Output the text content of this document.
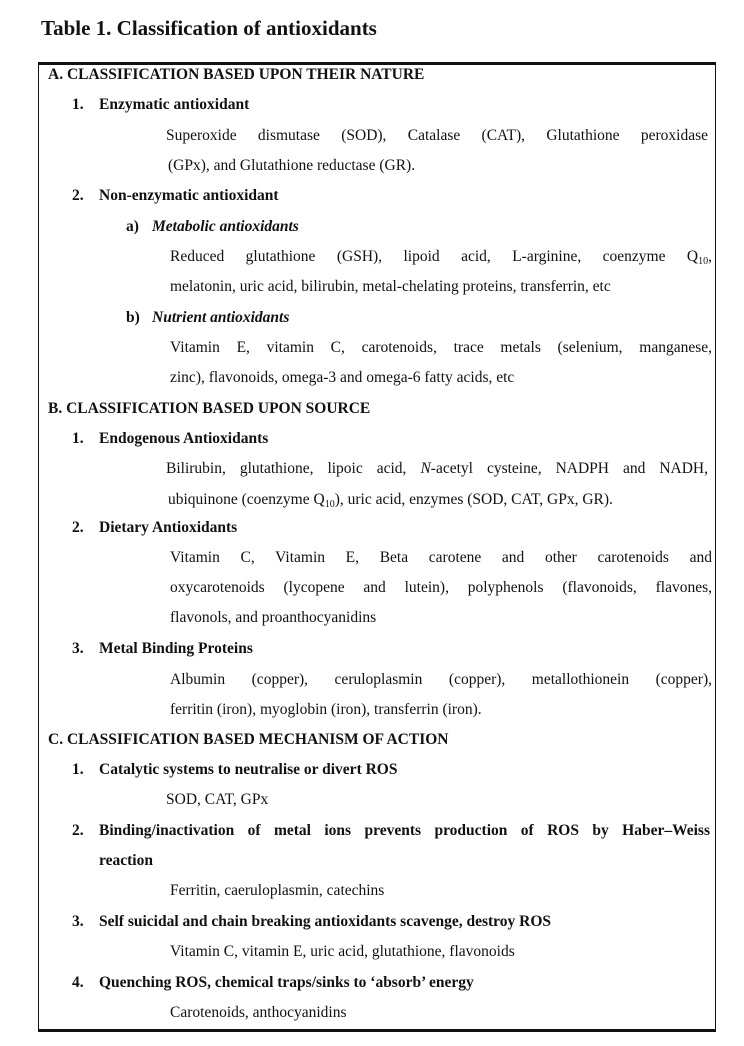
Table 1. Classification of antioxidants
A. CLASSIFICATION BASED UPON THEIR NATURE
1. Enzymatic antioxidant
Superoxide dismutase (SOD), Catalase (CAT), Glutathione peroxidase
(GPx), and Glutathione reductase (GR).
2. Non-enzymatic antioxidant
a) Metabolic antioxidants
Reduced glutathione (GSH), lipoid acid, L-arginine, coenzyme $Q_{10}$,
melatonin, uric acid, bilirubin, metal-chelating proteins, transferrin, etc
b) Nutrient antioxidants
Vitamin E, vitamin C, carotenoids, trace metals (selenium, manganese,
zinc), flavonoids, omega-3 and omega-6 fatty acids, etc
B. CLASSIFICATION BASED UPON SOURCE
1. Endogenous Antioxidants
Bilirubin, glutathione, lipoic acid, N-acetyl cysteine, NADPH and NADH,
ubiquinone (coenzyme $Q_{10}$), uric acid, enzymes (SOD, CAT, GPx, GR).
2. Dietary Antioxidants
Vitamin C, Vitamin E, Beta carotene and other carotenoids and
oxycarotenoids (lycopene and lutein), polyphenols (flavonoids, flavones,
flavonols, and proanthocyanidins
3. Metal Binding Proteins
Albumin (copper), ceruloplasmin (copper), metallothionein (copper),
ferritin (iron), myoglobin (iron), transferrin (iron).
C. CLASSIFICATION BASED MECHANISM OF ACTION
1. Catalytic systems to neutralise or divert ROS
SOD, CAT, GPx
2. Binding/inactivation of metal ions prevents production of ROS by Haber–Weiss
reaction
Ferritin, caeruloplasmin, catechins
3. Self suicidal and chain breaking antioxidants scavenge, destroy ROS
Vitamin C, vitamin E, uric acid, glutathione, flavonoids
4. Quenching ROS, chemical traps/sinks to ‘absorb’ energy
Carotenoids, anthocyanidins
